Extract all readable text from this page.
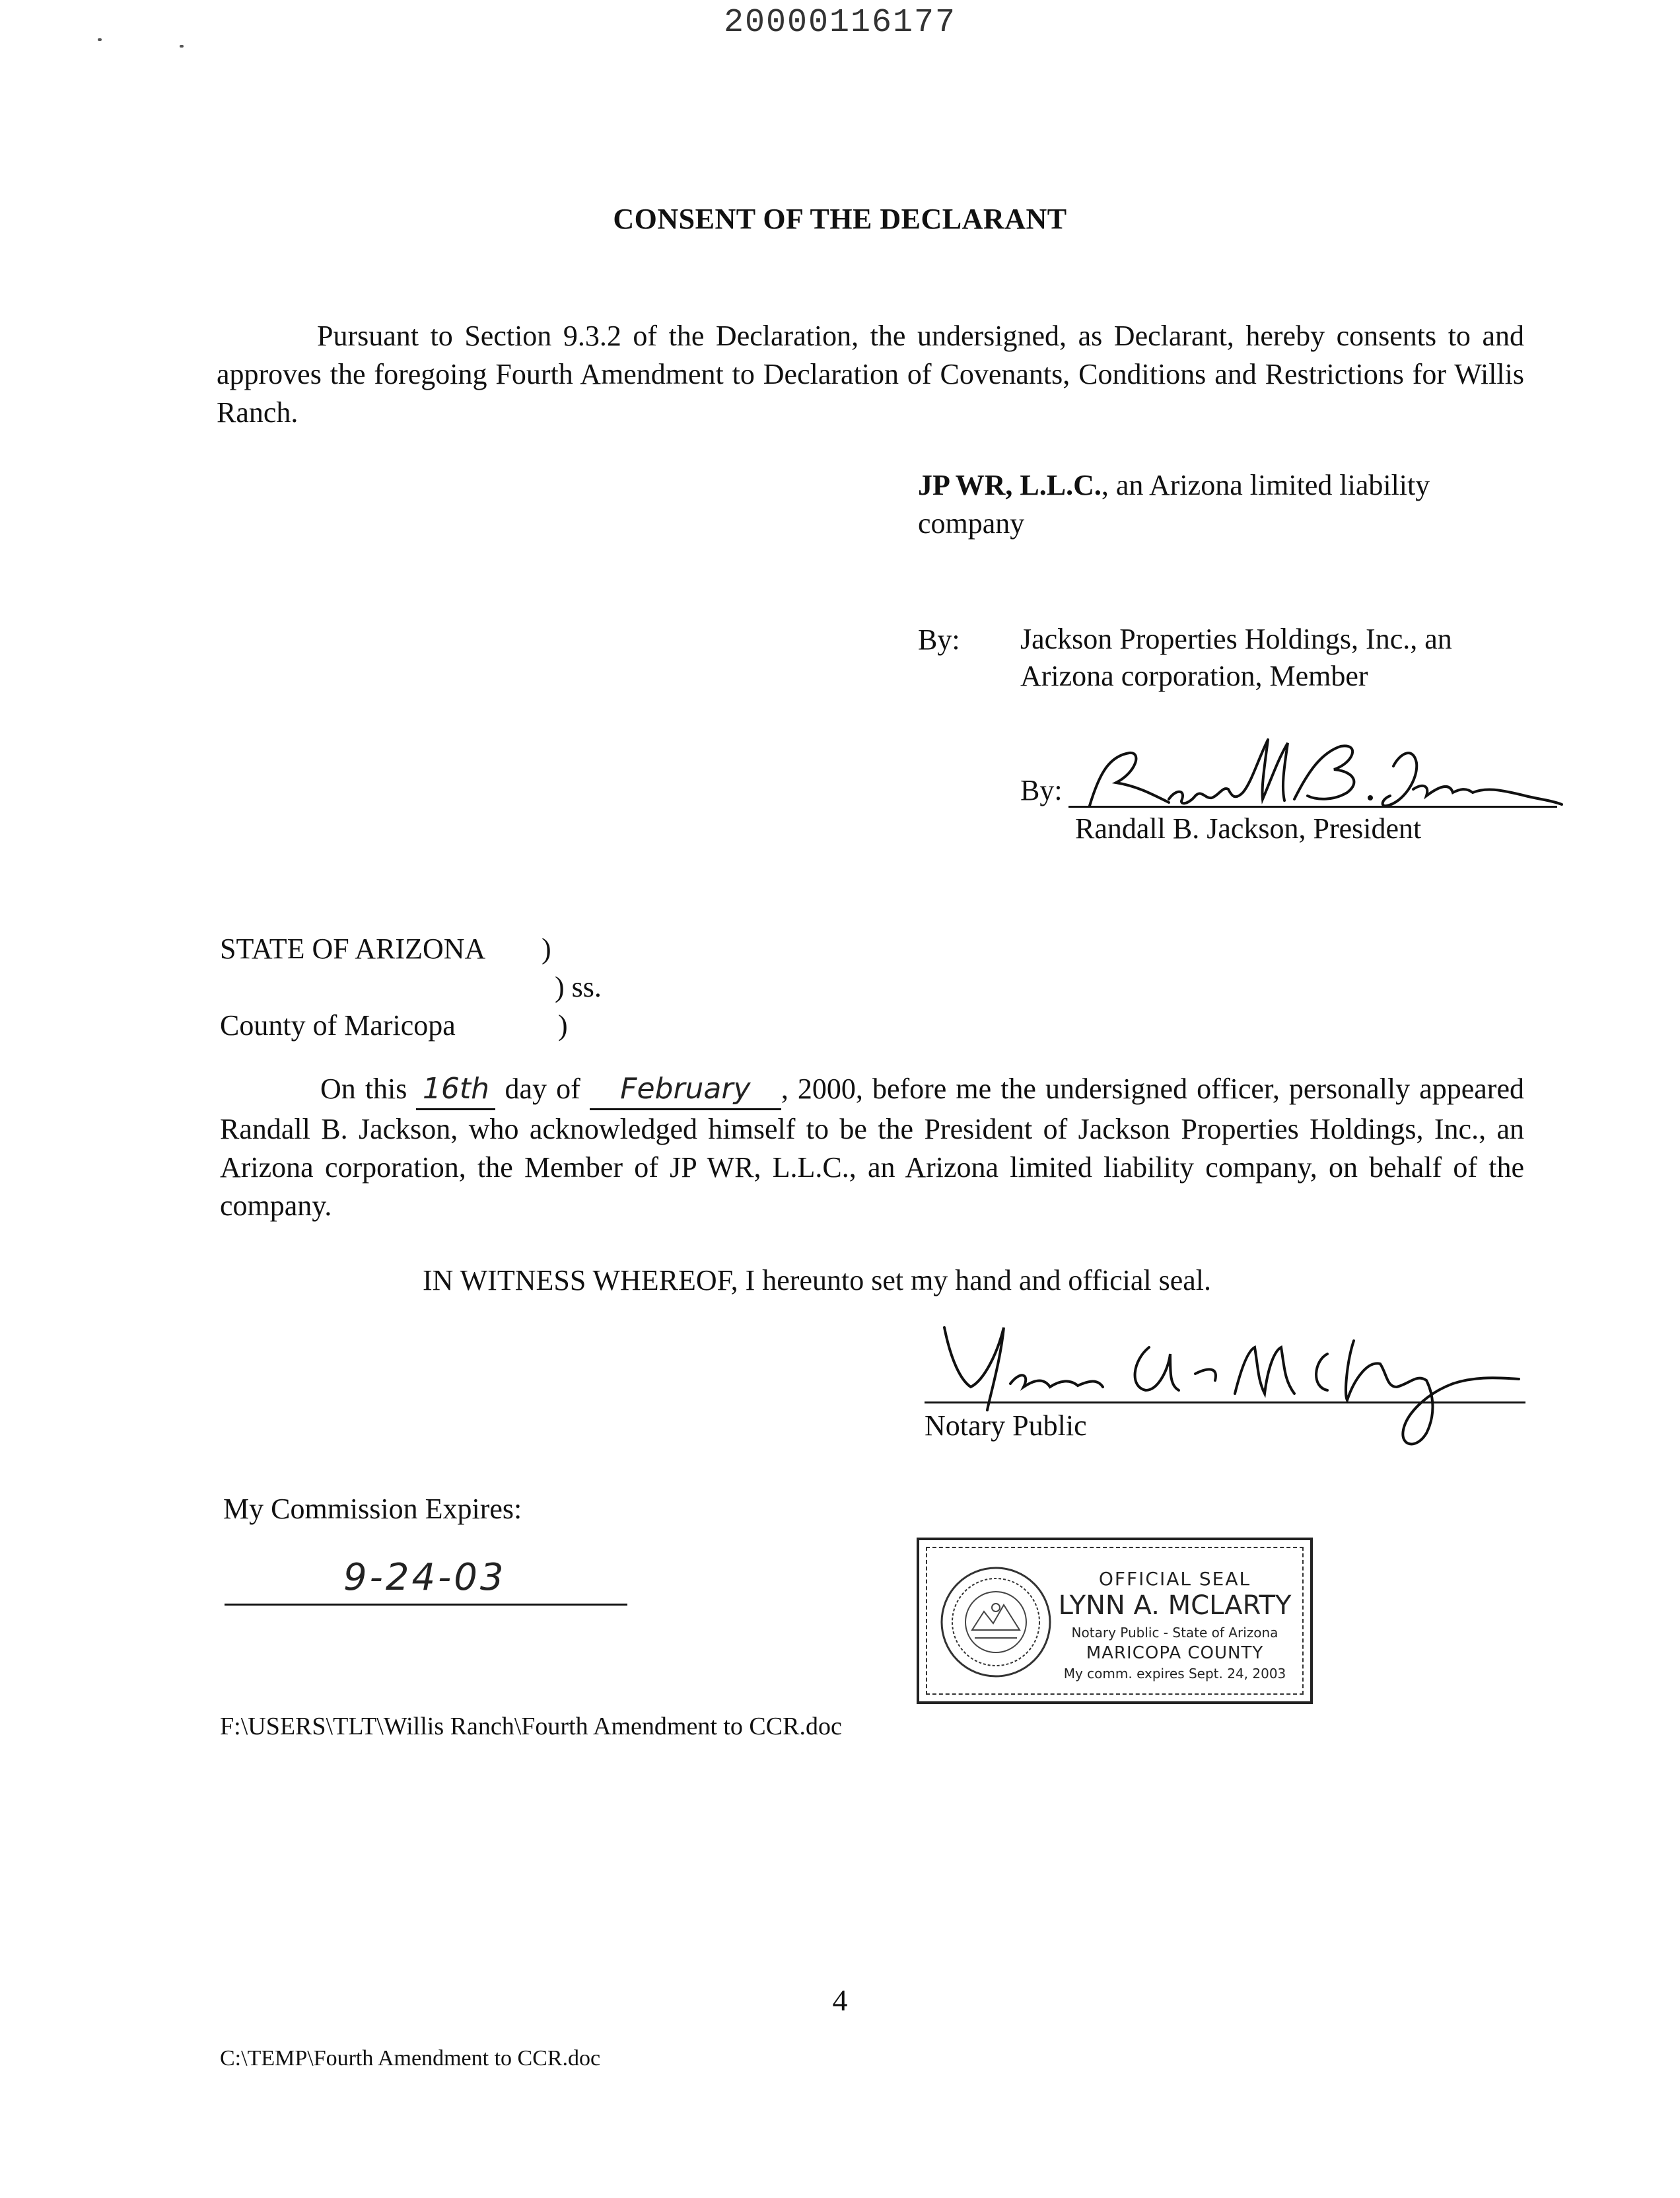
20000116177
CONSENT OF THE DECLARANT

Pursuant to Section 9.3.2 of the Declaration, the undersigned, as Declarant, hereby consents to and approves the foregoing Fourth Amendment to Declaration of Covenants, Conditions and Restrictions for Willis Ranch.

JP WR, L.L.C., an Arizona limited liability company
By: Jackson Properties Holdings, Inc., an Arizona corporation, Member
By:
Randall B. Jackson, President
STATE OF ARIZONA )
) ss.
County of Maricopa	)

On this 16th day of February , 2000, before me the undersigned officer, personally appeared Randall B. Jackson, who acknowledged himself to be the President of Jackson Properties Holdings, Inc., an Arizona corporation, the Member of JP WR, L.L.C., an Arizona limited liability company, on behalf of the company.

IN WITNESS WHEREOF, I hereunto set my hand and official seal.
Notary Public
My Commission Expires:
9-24-03	OFFICIAL SEAL
LYNN A. MCLARTY
Notary Public - State of Arizona
MARICOPA COUNTY
My comm. expires Sept. 24, 2003
F:\USERS\TLT\Willis Ranch\Fourth Amendment to CCR.doc
4
C:\TEMP\Fourth Amendment to CCR.doc
